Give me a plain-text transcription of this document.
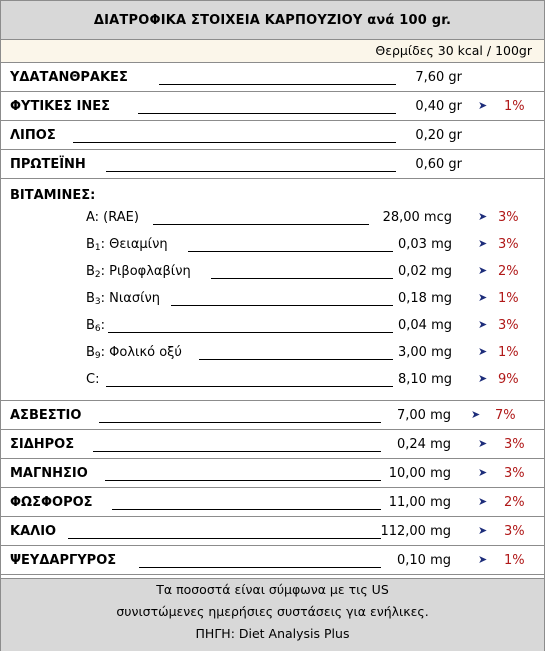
ΔΙΑΤΡΟΦΙΚΑ ΣΤΟΙΧΕΙΑ ΚΑΡΠΟΥΖΙΟΥ ανά 100 gr.
Θερμίδες 30 kcal / 100gr
ΥΔΑΤΑΝΘΡΑΚΕΣ	7,60 gr
ΦΥΤΙΚΕΣ ΙΝΕΣ	0,40 gr ➤ 1%
ΛΙΠΟΣ	0,20 gr
ΠΡΩΤΕΪΝΗ	0,60 gr
ΒΙΤΑΜΙΝΕΣ:
A: (RAE)	28,00 mcg ➤ 3%
$B_1$: Θειαμίνη	0,03 mg ➤ 3%
$B_2$: Ριβοφλαβίνη	0,02 mg ➤ 2%
$B_3$: Νιασίνη	0,18 mg ➤ 1%
$B_6$:	0,04 mg ➤ 3%
$B_9$: Φολικό οξύ	3,00 mg ➤ 1%
C:	8,10 mg ➤ 9%
ΑΣΒΕΣΤΙΟ	7,00 mg ➤ 7%
ΣΙΔΗΡΟΣ	0,24 mg ➤ 3%
ΜΑΓΝΗΣΙΟ	10,00 mg ➤ 3%
ΦΩΣΦΟΡΟΣ	11,00 mg ➤ 2%
ΚΑΛΙΟ	112,00 mg ➤ 3%
ΨΕΥΔΑΡΓΥΡΟΣ	0,10 mg ➤ 1%
Τα ποσοστά είναι σύμφωνα με τις US
συνιστώμενες ημερήσιες συστάσεις για ενήλικες.
ΠΗΓΗ: Diet Analysis Plus
